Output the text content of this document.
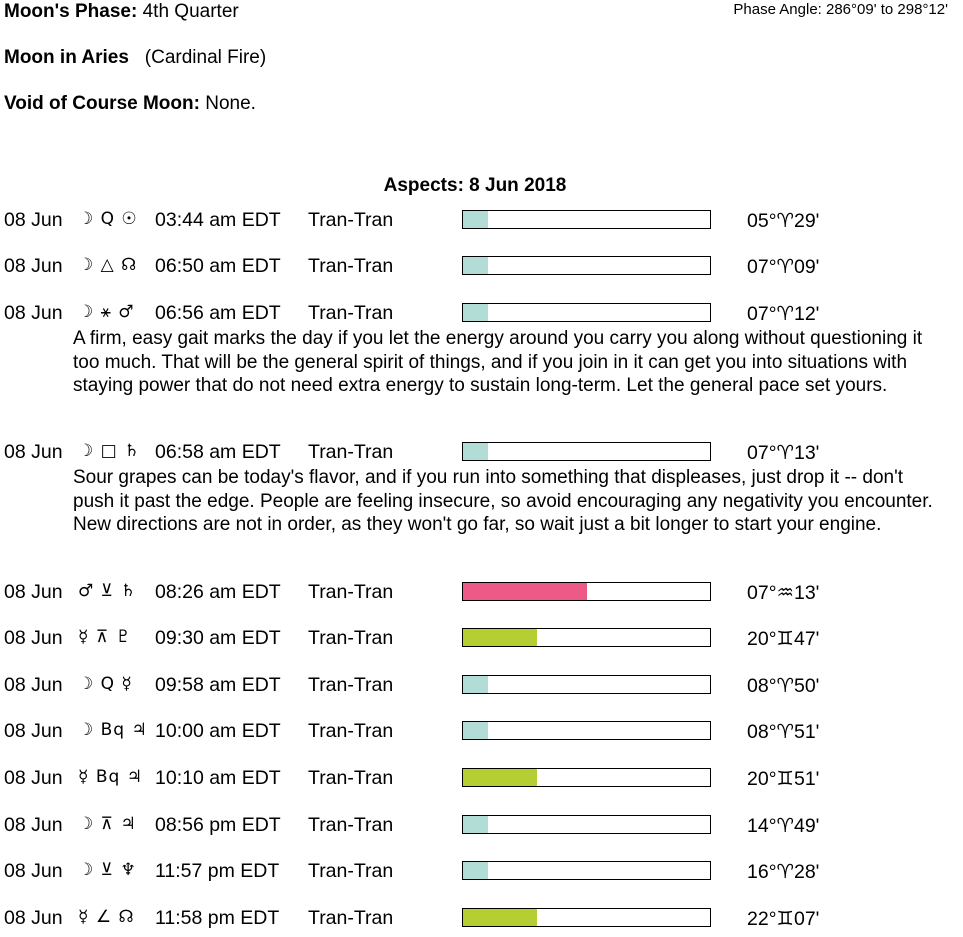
Moon's Phase: 4th Quarter	Phase Angle: 286°09' to 298°12'
Moon in Aries (Cardinal Fire)
Void of Course Moon: None.
Aspects: 8 Jun 2018
08 Jun ☽ Q ☉ 03:44 am EDT Tran-Tran	05°♈29'
08 Jun ☽ △ ☊ 06:50 am EDT Tran-Tran	07°♈09'
08 Jun ☽ ⚹ ♂ 06:56 am EDT Tran-Tran	07°♈12'
A firm, easy gait marks the day if you let the energy around you carry you along without questioning it too much. That will be the general spirit of things, and if you join in it can get you into situations with staying power that do not need extra energy to sustain long-term. Let the general pace set yours.
08 Jun ☽ □ ♄ 06:58 am EDT Tran-Tran	07°♈13'
Sour grapes can be today's flavor, and if you run into something that displeases, just drop it -- don't push it past the edge. People are feeling insecure, so avoid encouraging any negativity you encounter. New directions are not in order, as they won't go far, so wait just a bit longer to start your engine.
08 Jun ♂ ⊻ ♄ 08:26 am EDT Tran-Tran	07°♒13'
08 Jun ☿ ⊼ ♇ 09:30 am EDT Tran-Tran	20°♊47'
08 Jun ☽ Q ☿ 09:58 am EDT Tran-Tran	08°♈50'
08 Jun ☽ Bq ♃ 10:00 am EDT Tran-Tran	08°♈51'
08 Jun ☿ Bq ♃ 10:10 am EDT Tran-Tran	20°♊51'
08 Jun ☽ ⊼ ♃ 08:56 pm EDT Tran-Tran	14°♈49'
08 Jun ☽ ⊻ ♆ 11:57 pm EDT Tran-Tran	16°♈28'
08 Jun ☿ ∠ ☊ 11:58 pm EDT Tran-Tran	22°♊07'
